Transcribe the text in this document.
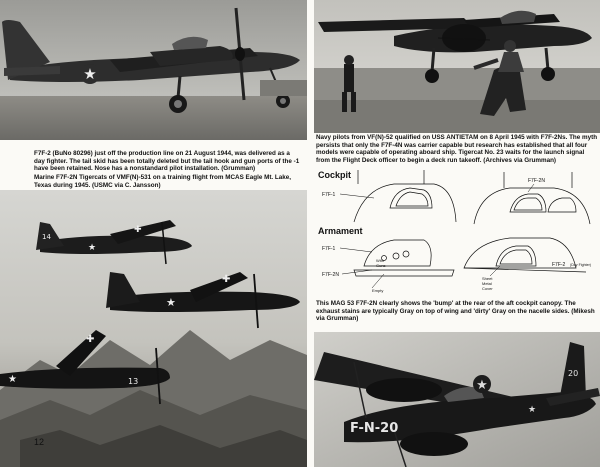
★
F7F-2 (BuNo 80296) just off the production line on 21 August 1944, was delivered as a day fighter. The tail skid has been totally deleted but the tail hook and gun ports of the -1 have been retained. Nose has a nonstandard pilot installation. (Grumman)
Marine F7F-2N Tigercats of VMF(N)-531 on a training flight from MCAS Eagle Mt. Lake, Texas during 1945. (USMC via C. Jansson)
14
★
✚
★
✚
★	13
✚
12
Navy pilots from VF(N)-52 qualified on USS ANTIETAM on 8 April 1945 with F7F-2Ns. The myth persists that only the F7F-4N was carrier capable but research has established that all four models were capable of operating aboard ship. Tigercat No. 23 waits for the launch signal from the Flight Deck officer to begin a deck run takeoff. (Archives via Grumman)
Cockpit
Armament
F7F-1
F7F-2N
F7F-1
F7F-2N
With
Guns
Empty
F7F-2 (Day Fighter)
Sheet
Metal
Cover
This MAG 53 F7F-2N clearly shows the 'bump' at the rear of the aft cockpit canopy. The exhaust stains are typically Gray on top of wing and 'dirty' Gray on the nacelle sides. (Mikesh via Grumman)
★
★
F-N-20
20
